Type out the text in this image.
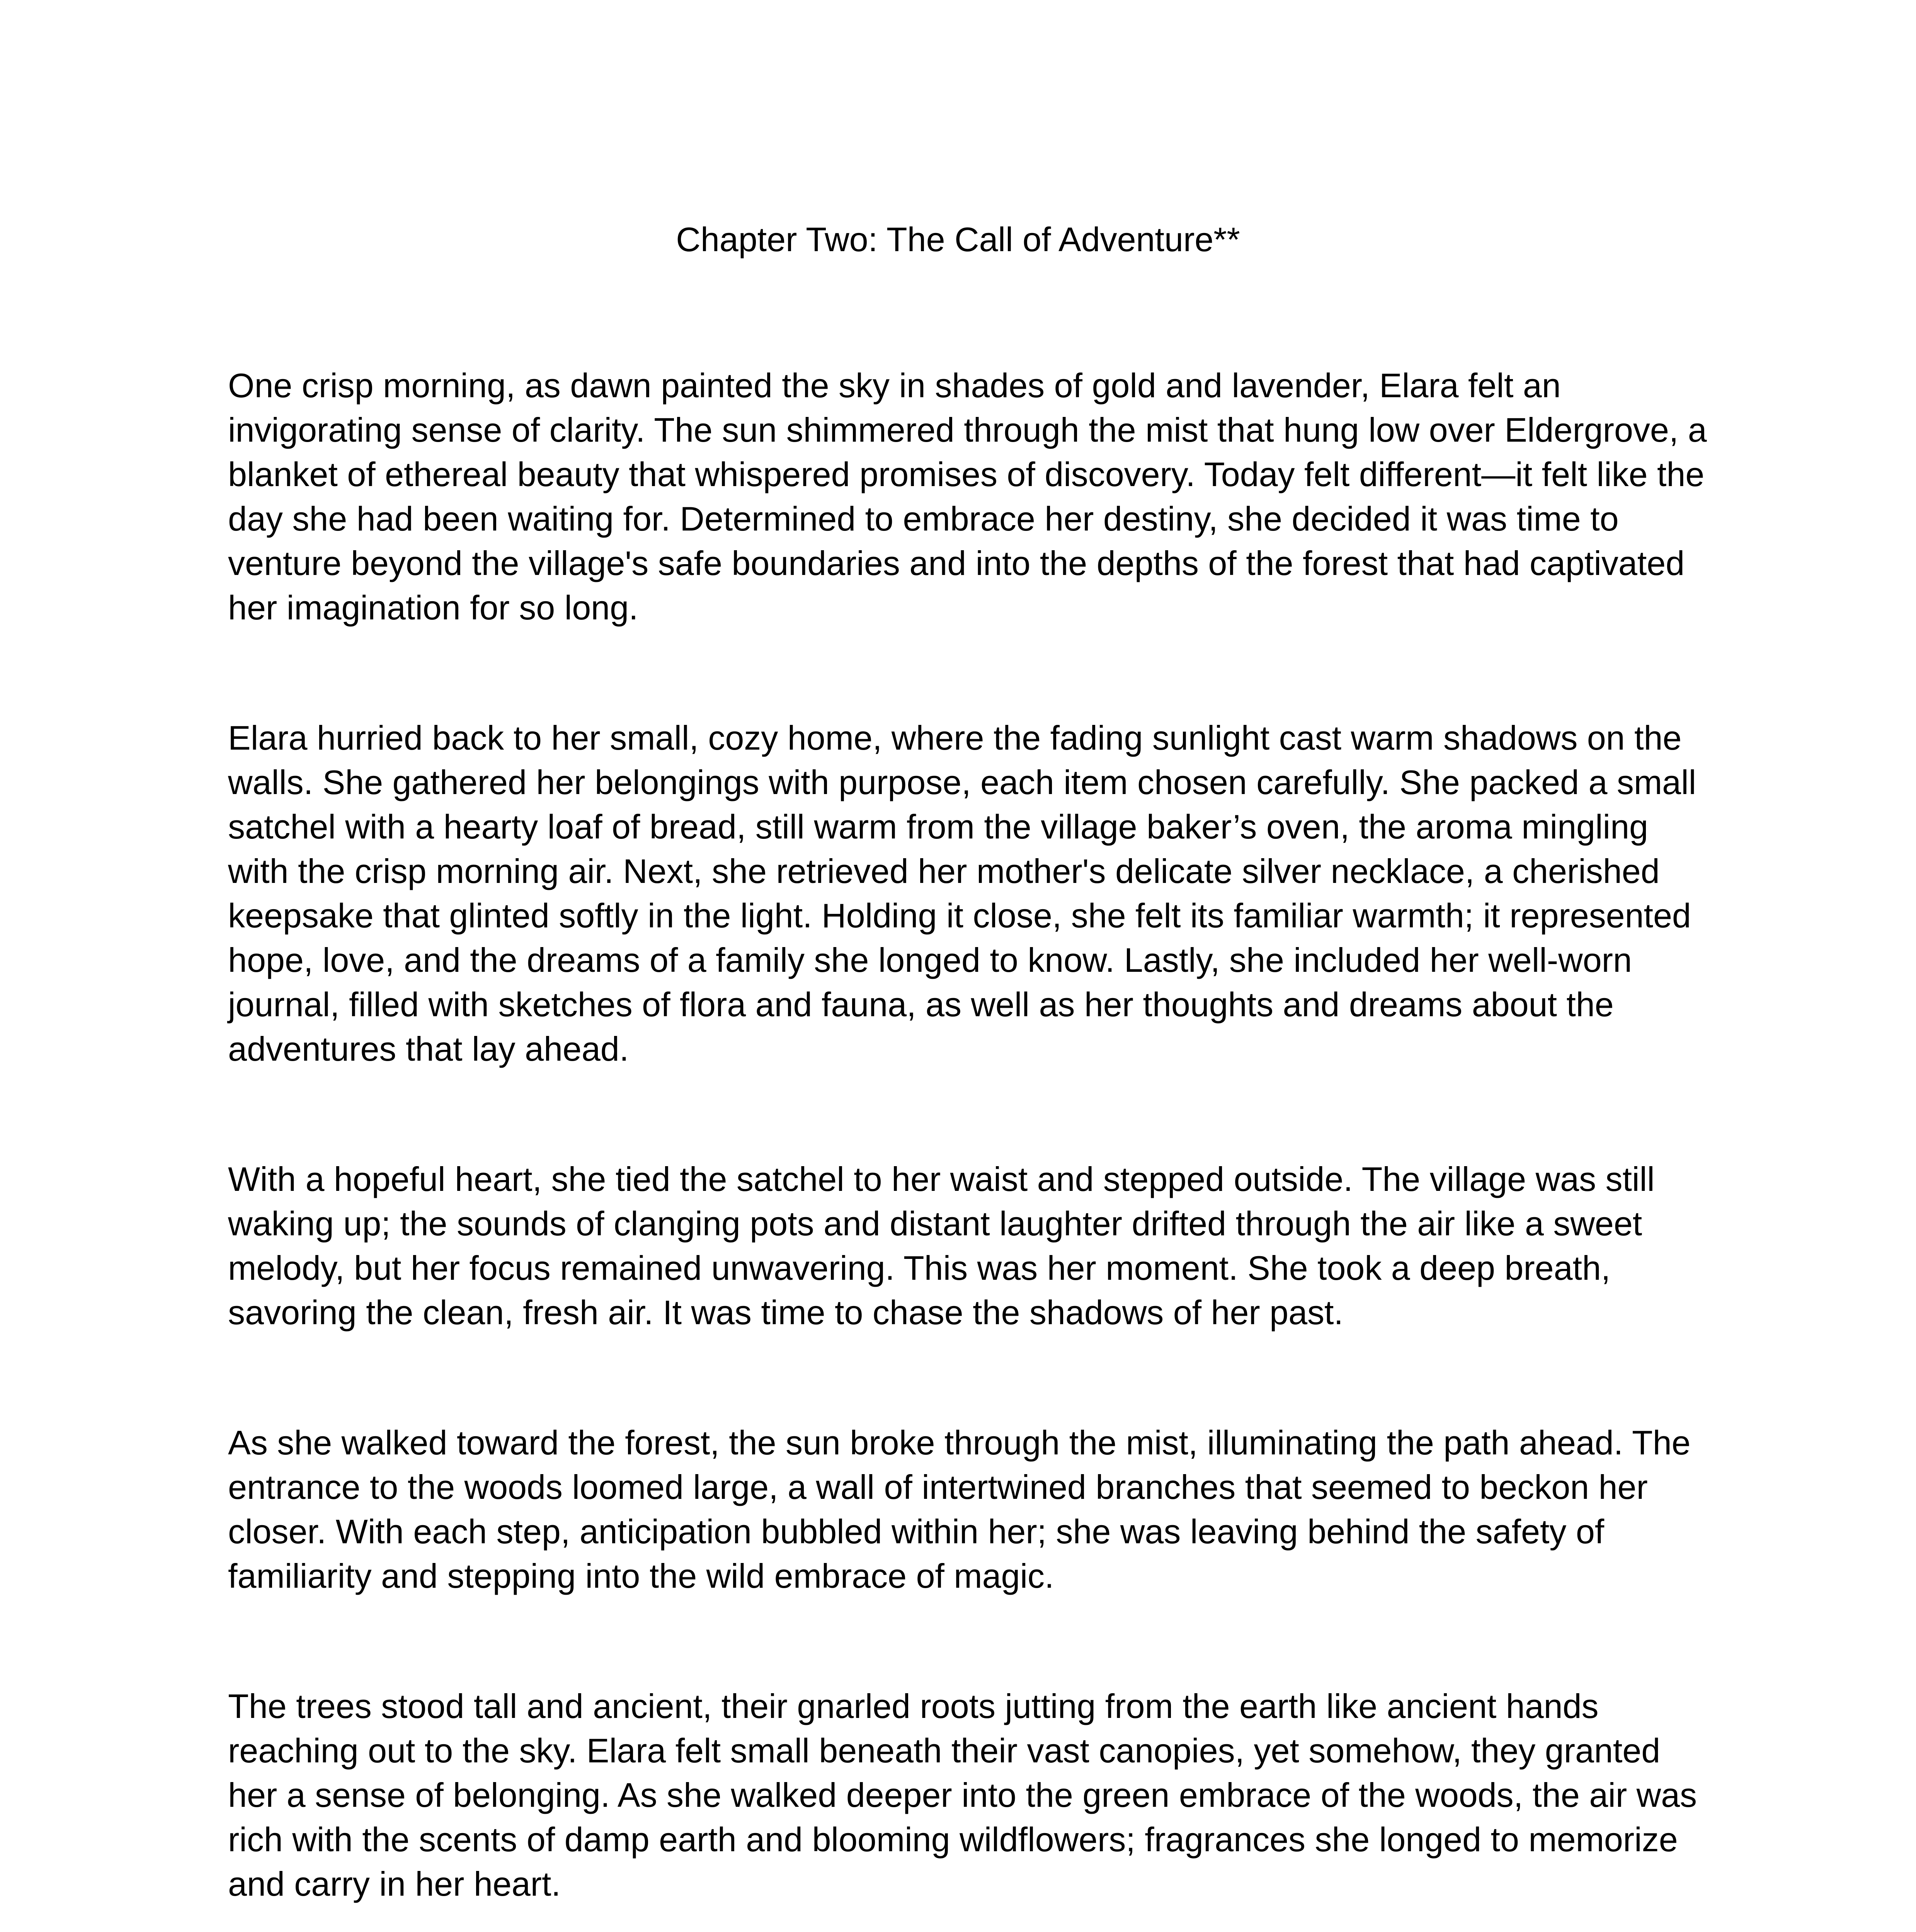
Chapter Two: The Call of Adventure**

One crisp morning, as dawn painted the sky in shades of gold and lavender, Elara felt an invigorating sense of clarity. The sun shimmered through the mist that hung low over Eldergrove, a blanket of ethereal beauty that whispered promises of discovery. Today felt different—it felt like the day she had been waiting for. Determined to embrace her destiny, she decided it was time to venture beyond the village's safe boundaries and into the depths of the forest that had captivated her imagination for so long.

Elara hurried back to her small, cozy home, where the fading sunlight cast warm shadows on the walls. She gathered her belongings with purpose, each item chosen carefully. She packed a small satchel with a hearty loaf of bread, still warm from the village baker’s oven, the aroma mingling with the crisp morning air. Next, she retrieved her mother's delicate silver necklace, a cherished keepsake that glinted softly in the light. Holding it close, she felt its familiar warmth; it represented hope, love, and the dreams of a family she longed to know. Lastly, she included her well-worn journal, filled with sketches of flora and fauna, as well as her thoughts and dreams about the adventures that lay ahead.

With a hopeful heart, she tied the satchel to her waist and stepped outside. The village was still waking up; the sounds of clanging pots and distant laughter drifted through the air like a sweet melody, but her focus remained unwavering. This was her moment. She took a deep breath, savoring the clean, fresh air. It was time to chase the shadows of her past.

As she walked toward the forest, the sun broke through the mist, illuminating the path ahead. The entrance to the woods loomed large, a wall of intertwined branches that seemed to beckon her closer. With each step, anticipation bubbled within her; she was leaving behind the safety of familiarity and stepping into the wild embrace of magic.

The trees stood tall and ancient, their gnarled roots jutting from the earth like ancient hands reaching out to the sky. Elara felt small beneath their vast canopies, yet somehow, they granted her a sense of belonging. As she walked deeper into the green embrace of the woods, the air was rich with the scents of damp earth and blooming wildflowers; fragrances she longed to memorize and carry in her heart.
